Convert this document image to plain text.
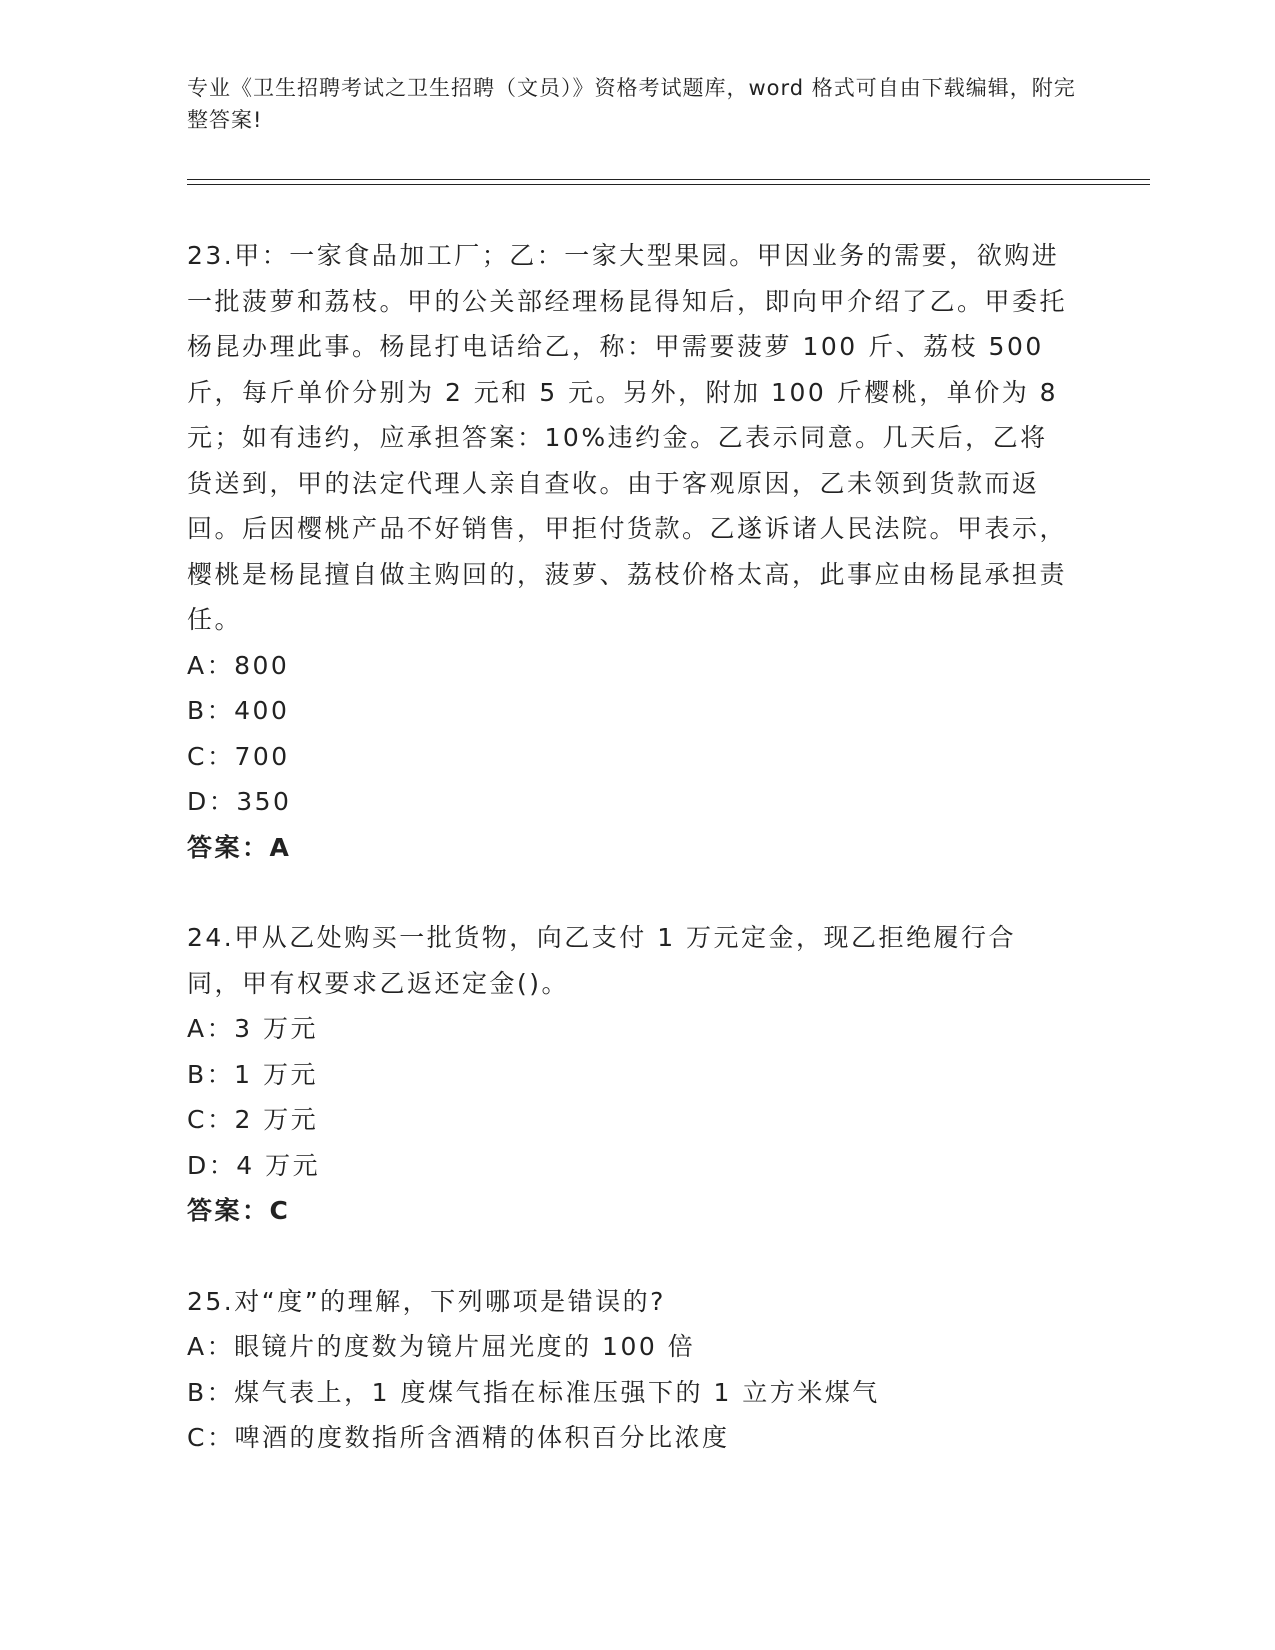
专业《卫生招聘考试之卫生招聘（文员）》资格考试题库，word 格式可自由下载编辑，附完整答案!

23.甲：一家食品加工厂；乙：一家大型果园。甲因业务的需要，欲购进一批菠萝和荔枝。甲的公关部经理杨昆得知后，即向甲介绍了乙。甲委托杨昆办理此事。杨昆打电话给乙，称：甲需要菠萝 100 斤、荔枝 500 斤，每斤单价分别为 2 元和 5 元。另外，附加 100 斤樱桃，单价为 8 元；如有违约，应承担答案：10%违约金。乙表示同意。几天后，乙将货送到，甲的法定代理人亲自查收。由于客观原因，乙未领到货款而返回。后因樱桃产品不好销售，甲拒付货款。乙遂诉诸人民法院。甲表示，樱桃是杨昆擅自做主购回的，菠萝、荔枝价格太高，此事应由杨昆承担责任。

A：800

B：400

C：700

D：350

答案：A

24.甲从乙处购买一批货物，向乙支付 1 万元定金，现乙拒绝履行合同，甲有权要求乙返还定金()。

A：3 万元

B：1 万元

C：2 万元

D：4 万元

答案：C

25.对“度”的理解，下列哪项是错误的?

A：眼镜片的度数为镜片屈光度的 100 倍

B：煤气表上，1 度煤气指在标准压强下的 1 立方米煤气

C：啤酒的度数指所含酒精的体积百分比浓度
